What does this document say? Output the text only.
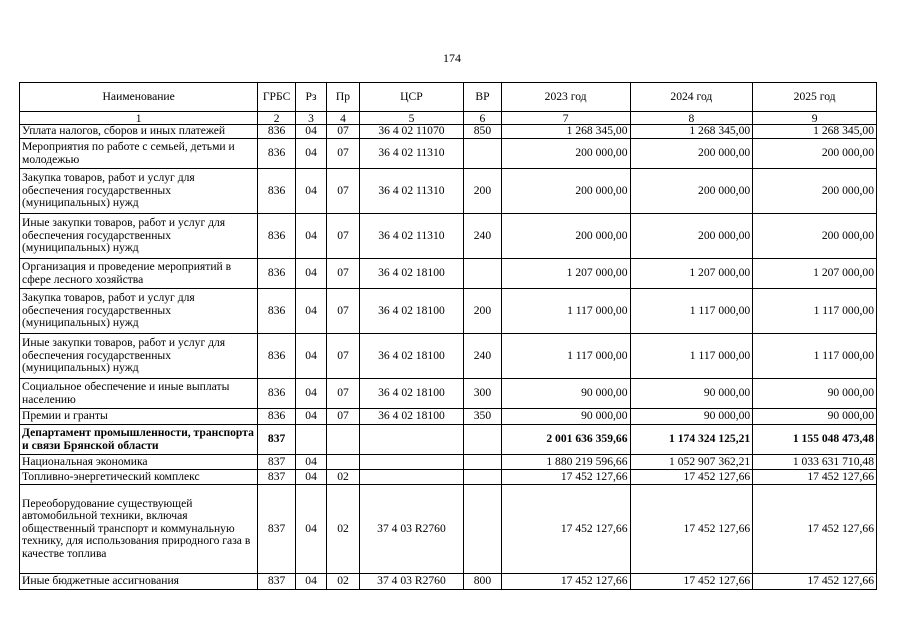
174
Наименование	ГРБС	Рз	Пр	ЦСР	ВР	2023 год	2024 год	2025 год
1	2	3	4	5	6	7	8	9
Уплата налогов, сборов и иных платежей	836	04	07	36 4 02 11070	850	1 268 345,00	1 268 345,00	1 268 345,00
Мероприятия по работе с семьей, детьми и молодежью	836	04	07	36 4 02 11310		200 000,00	200 000,00	200 000,00
Закупка товаров, работ и услуг для обеспечения государственных (муниципальных) нужд	836	04	07	36 4 02 11310	200	200 000,00	200 000,00	200 000,00
Иные закупки товаров, работ и услуг для обеспечения государственных (муниципальных) нужд	836	04	07	36 4 02 11310	240	200 000,00	200 000,00	200 000,00
Организация и проведение мероприятий в сфере лесного хозяйства	836	04	07	36 4 02 18100		1 207 000,00	1 207 000,00	1 207 000,00
Закупка товаров, работ и услуг для обеспечения государственных (муниципальных) нужд	836	04	07	36 4 02 18100	200	1 117 000,00	1 117 000,00	1 117 000,00
Иные закупки товаров, работ и услуг для обеспечения государственных (муниципальных) нужд	836	04	07	36 4 02 18100	240	1 117 000,00	1 117 000,00	1 117 000,00
Социальное обеспечение и иные выплаты населению	836	04	07	36 4 02 18100	300	90 000,00	90 000,00	90 000,00
Премии и гранты	836	04	07	36 4 02 18100	350	90 000,00	90 000,00	90 000,00
Департамент промышленности, транспорта и связи Брянской области	837					2 001 636 359,66	1 174 324 125,21	1 155 048 473,48
Национальная экономика	837	04				1 880 219 596,66	1 052 907 362,21	1 033 631 710,48
Топливно-энергетический комплекс	837	04	02			17 452 127,66	17 452 127,66	17 452 127,66
Переоборудование существующей автомобильной техники, включая общественный транспорт и коммунальную технику, для использования природного газа в качестве топлива	837	04	02	37 4 03 R2760		17 452 127,66	17 452 127,66	17 452 127,66
Иные бюджетные ассигнования	837	04	02	37 4 03 R2760	800	17 452 127,66	17 452 127,66	17 452 127,66
